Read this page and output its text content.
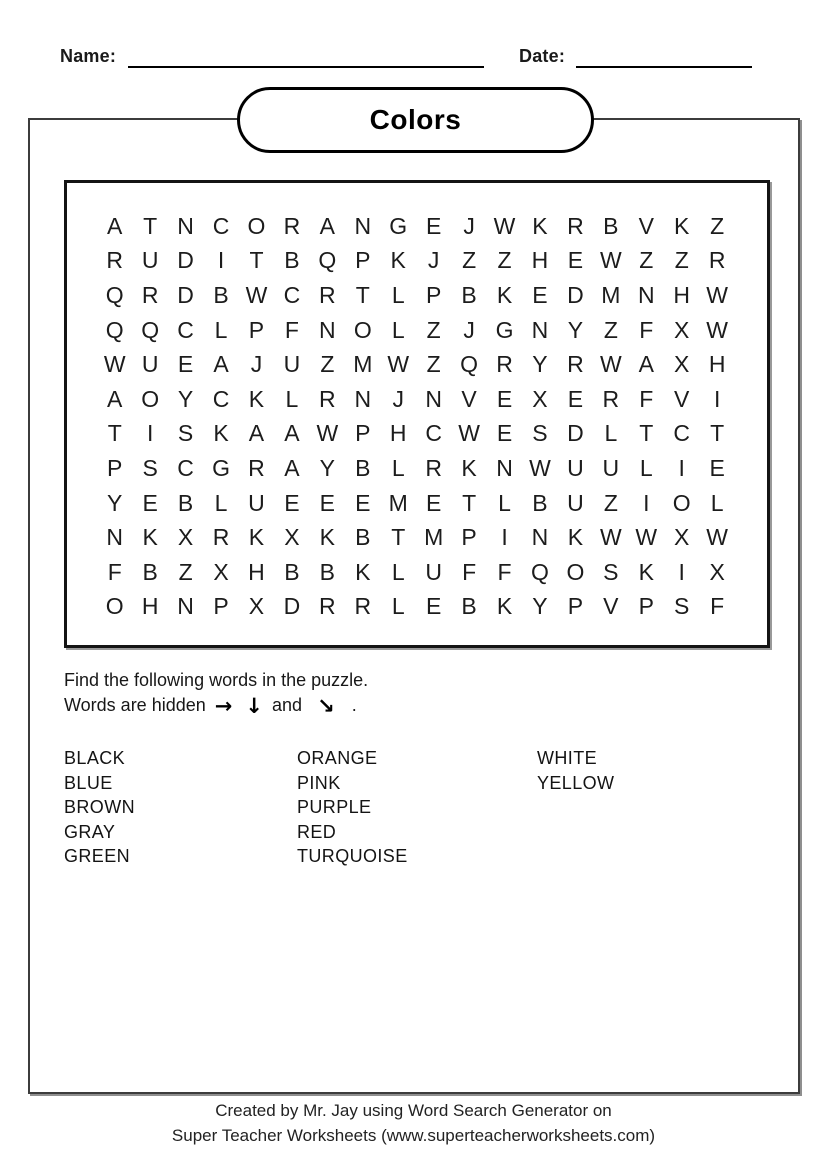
Name:	Date:
Colors
A T N C O R A N G E J W K R B V K Z
R U D	I	T B Q P K J Z Z H E W Z Z R
Q R D B W C R T L P B K E D M N H W
Q Q C L P F N O L Z J G N Y Z F X W
W U E A J U Z M W Z Q R Y R W A X H
A O Y C K L R N J N V E X E R F V	I
T	I	S K A A W P H C W E S D L T C T
P S C G R A Y B L R K N W U U L	I	E
Y E B L U E E E M E T L B U Z	I	O L
N K X R K X K B T M P	I	N K W W X W
F B Z X H B B K L U F F Q O S K	I	X
O H N P X D R R L E B K Y P V P S F
Find the following words in the puzzle.
Words are hidden → ↓ and ↘ .
BLACK
BLUE
BROWN
GRAY
GREEN
ORANGE
PINK
PURPLE
RED
TURQUOISE
WHITE
YELLOW
Created by Mr. Jay using Word Search Generator on
Super Teacher Worksheets (www.superteacherworksheets.com)
